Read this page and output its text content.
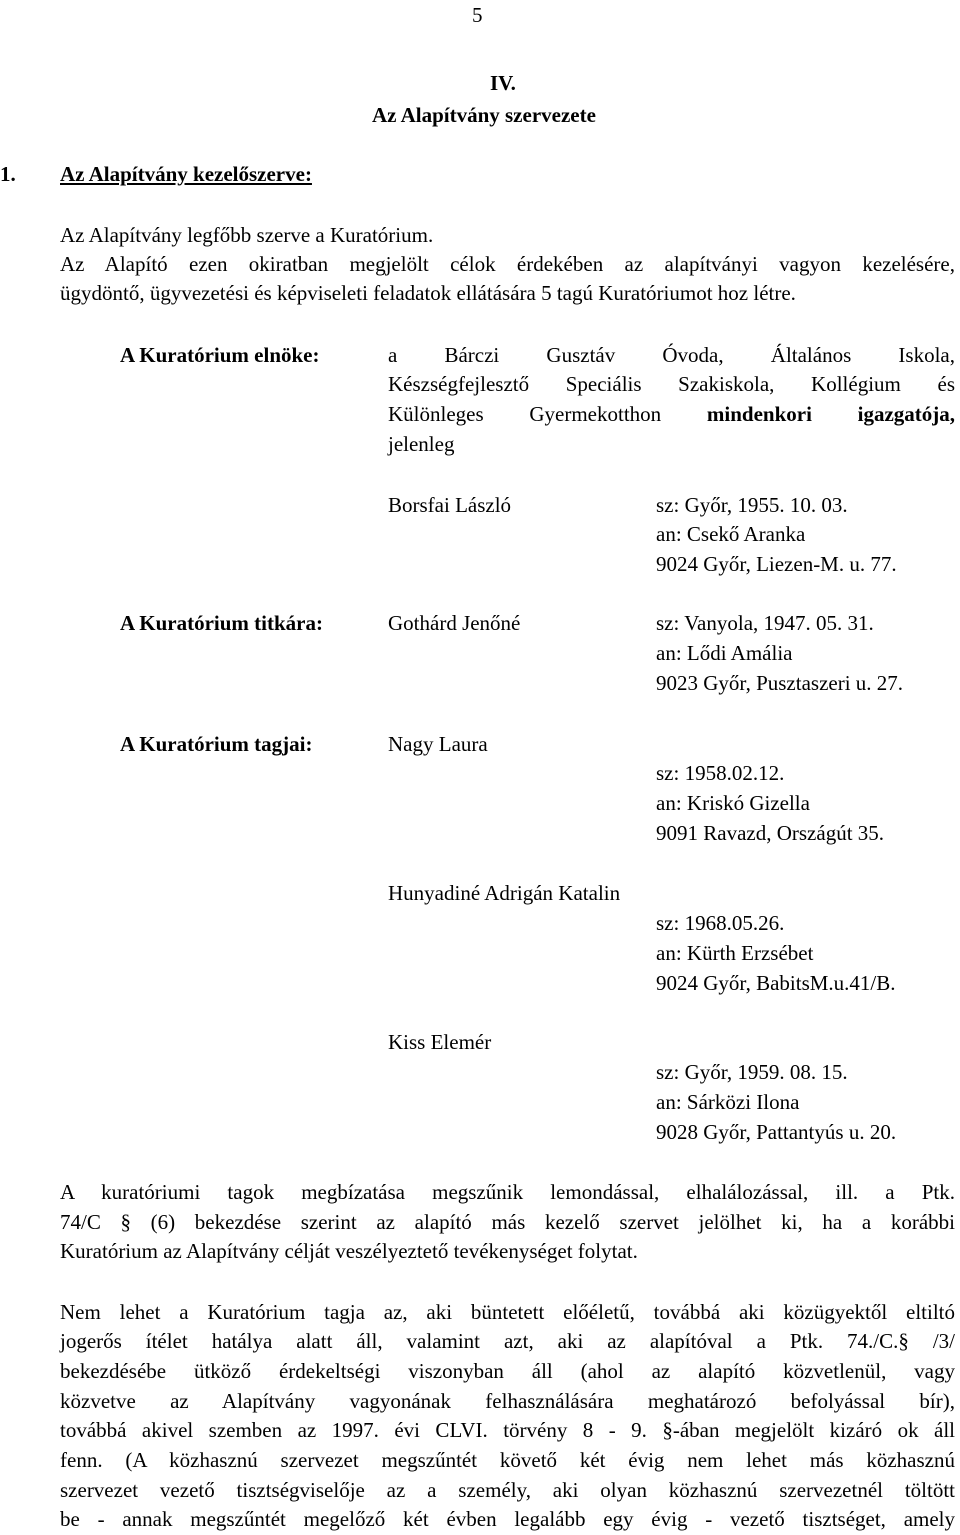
5
IV.
Az Alapítvány szervezete
1. Az Alapítvány kezelőszerve:
Az Alapítvány legfőbb szerve a Kuratórium.
Az Alapító ezen okiratban megjelölt célok érdekében az alapítványi vagyon kezelésére,
ügydöntő, ügyvezetési és képviseleti feladatok ellátására 5 tagú Kuratóriumot hoz létre.
A Kuratórium elnöke:	a Bárczi Gusztáv Óvoda, Általános Iskola,
Készségfejlesztő Speciális Szakiskola, Kollégium és
Különleges Gyermekotthon mindenkori igazgatója,
jelenleg
Borsfai László	sz: Győr, 1955. 10. 03.
an: Csekő Aranka
9024 Győr, Liezen-M. u. 77.
A Kuratórium titkára:	Gothárd Jenőné	sz: Vanyola, 1947. 05. 31.
an: Lődi Amália
9023 Győr, Pusztaszeri u. 27.
A Kuratórium tagjai:	Nagy Laura
sz: 1958.02.12.
an: Kriskó Gizella
9091 Ravazd, Országút 35.
Hunyadiné Adrigán Katalin
sz: 1968.05.26.
an: Kürth Erzsébet
9024 Győr, BabitsM.u.41/B.
Kiss Elemér
sz: Győr, 1959. 08. 15.
an: Sárközi Ilona
9028 Győr, Pattantyús u. 20.
A kuratóriumi tagok megbízatása megszűnik lemondással, elhalálozással, ill. a Ptk.
74/C § (6) bekezdése szerint az alapító más kezelő szervet jelölhet ki, ha a korábbi
Kuratórium az Alapítvány célját veszélyeztető tevékenységet folytat.
Nem lehet a Kuratórium tagja az, aki büntetett előéletű, továbbá aki közügyektől eltiltó
jogerős ítélet hatálya alatt áll, valamint azt, aki az alapítóval a Ptk. 74./C.§ /3/
bekezdésébe ütköző érdekeltségi viszonyban áll (ahol az alapító közvetlenül, vagy
közvetve az Alapítvány vagyonának felhasználására meghatározó befolyással bír),
továbbá akivel szemben az 1997. évi CLVI. törvény 8 - 9. §-ában megjelölt kizáró ok áll
fenn. (A közhasznú szervezet megszűntét követő két évig nem lehet más közhasznú
szervezet vezető tisztségviselője az a személy, aki olyan közhasznú szervezetnél töltött
be - annak megszűntét megelőző két évben legalább egy évig - vezető tisztséget, amely
